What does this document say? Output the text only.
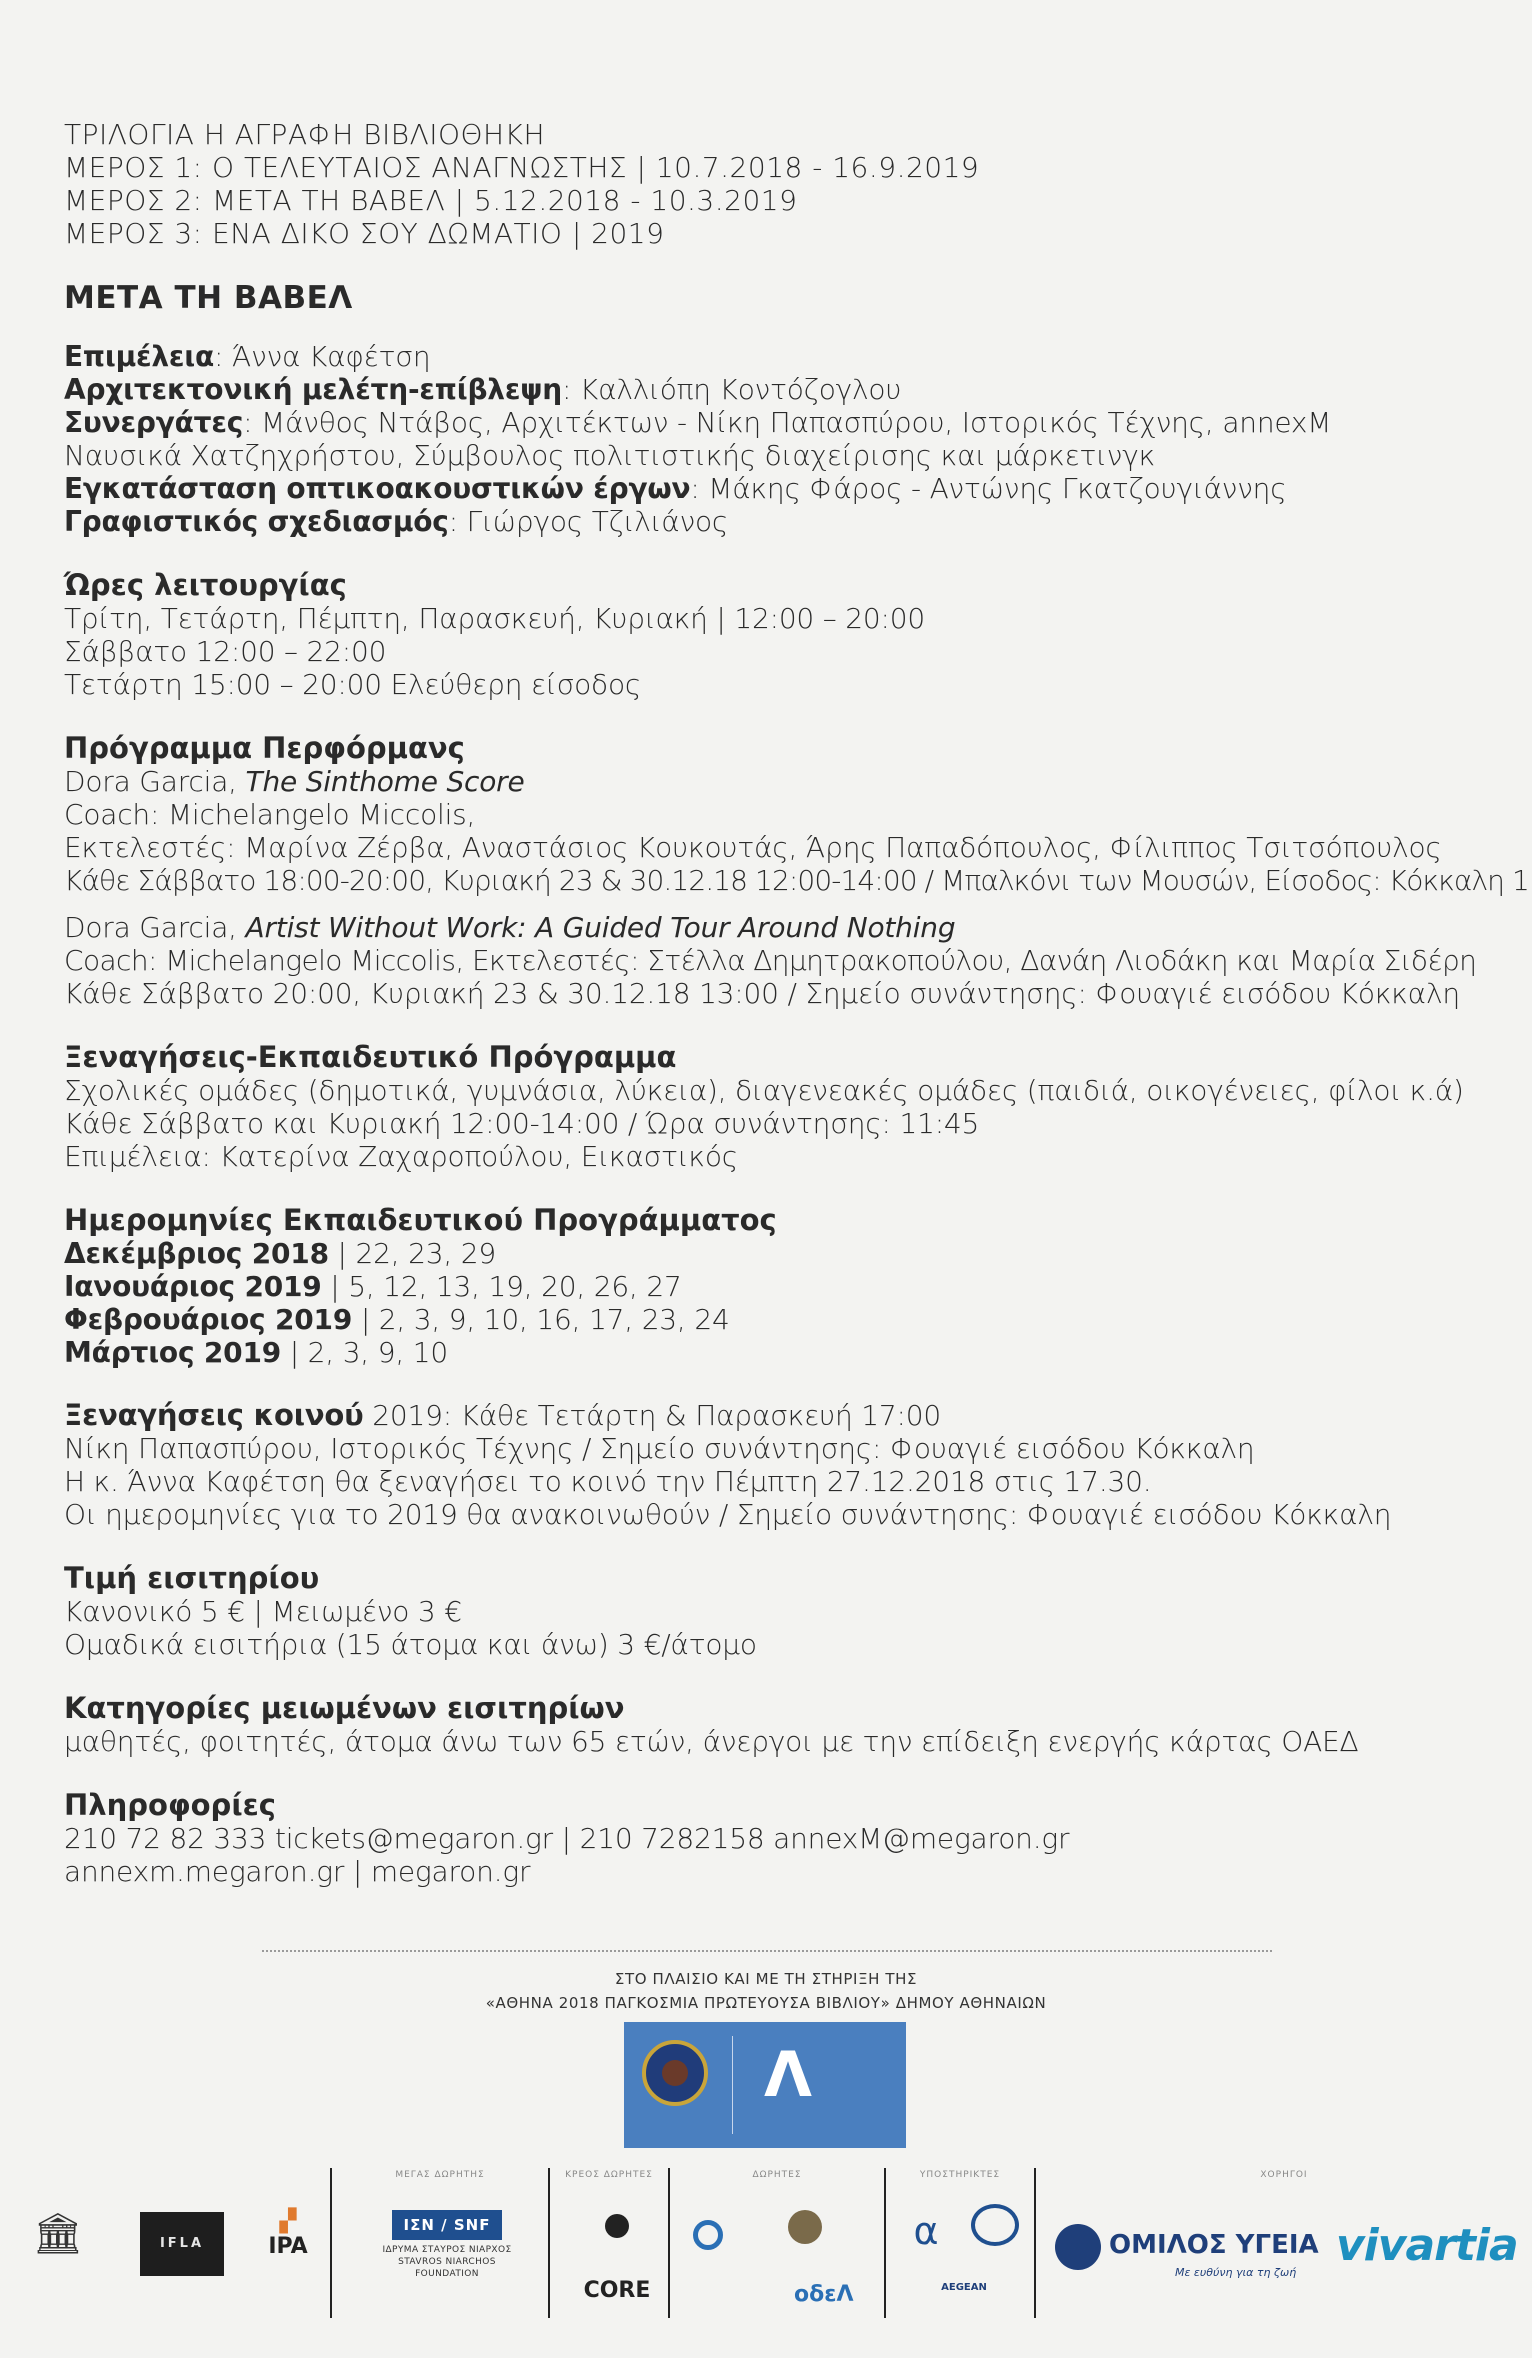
ΤΡΙΛΟΓΙΑ Η ΑΓΡΑΦΗ ΒΙΒΛΙΟΘΗΚΗ
ΜΕΡΟΣ 1: Ο ΤΕΛΕΥΤΑΙΟΣ ΑΝΑΓΝΩΣΤΗΣ | 10.7.2018 - 16.9.2019
ΜΕΡΟΣ 2: ΜΕΤΑ ΤΗ ΒΑΒΕΛ | 5.12.2018 - 10.3.2019
ΜΕΡΟΣ 3: ΕΝΑ ΔΙΚΟ ΣΟΥ ΔΩΜΑΤΙΟ | 2019
ΜΕΤΑ ΤΗ ΒΑΒΕΛ
Επιμέλεια: Άννα Καφέτση
Αρχιτεκτονική μελέτη-επίβλεψη: Καλλιόπη Κοντόζογλου
Συνεργάτες: Μάνθος Ντάβος, Αρχιτέκτων - Νίκη Παπασπύρου, Ιστορικός Τέχνης, annexM
Ναυσικά Χατζηχρήστου, Σύμβουλος πολιτιστικής διαχείρισης και μάρκετινγκ
Εγκατάσταση οπτικοακουστικών έργων: Μάκης Φάρος - Αντώνης Γκατζουγιάννης
Γραφιστικός σχεδιασμός: Γιώργος Τζιλιάνος
Ώρες λειτουργίας
Τρίτη, Τετάρτη, Πέμπτη, Παρασκευή, Κυριακή | 12:00 – 20:00
Σάββατο 12:00 – 22:00
Τετάρτη 15:00 – 20:00 Ελεύθερη είσοδος
Πρόγραμμα Περφόρμανς
Dora Garcia, The Sinthome Score
Coach: Michelangelo Miccolis,
Εκτελεστές: Μαρίνα Ζέρβα, Αναστάσιος Κουκουτάς, Άρης Παπαδόπουλος, Φίλιππος Τσιτσόπουλος
Κάθε Σάββατο 18:00-20:00, Κυριακή 23 & 30.12.18 12:00-14:00 / Μπαλκόνι των Μουσών, Είσοδος: Κόκκαλη 1
Dora Garcia, Artist Without Work: A Guided Tour Around Nothing
Coach: Michelangelo Miccolis, Εκτελεστές: Στέλλα Δημητρακοπούλου, Δανάη Λιοδάκη και Μαρία Σιδέρη
Κάθε Σάββατο 20:00, Κυριακή 23 & 30.12.18 13:00 / Σημείο συνάντησης: Φουαγιέ εισόδου Κόκκαλη
Ξεναγήσεις-Εκπαιδευτικό Πρόγραμμα
Σχολικές ομάδες (δημοτικά, γυμνάσια, λύκεια), διαγενεακές ομάδες (παιδιά, οικογένειες, φίλοι κ.ά)
Κάθε Σάββατο και Κυριακή 12:00-14:00 / Ώρα συνάντησης: 11:45
Επιμέλεια: Κατερίνα Ζαχαροπούλου, Εικαστικός
Ημερομηνίες Εκπαιδευτικού Προγράμματος
Δεκέμβριος 2018 | 22, 23, 29
Ιανουάριος 2019 | 5, 12, 13, 19, 20, 26, 27
Φεβρουάριος 2019 | 2, 3, 9, 10, 16, 17, 23, 24
Μάρτιος 2019 | 2, 3, 9, 10
Ξεναγήσεις κοινού 2019: Κάθε Τετάρτη & Παρασκευή 17:00
Νίκη Παπασπύρου, Ιστορικός Τέχνης / Σημείο συνάντησης: Φουαγιέ εισόδου Κόκκαλη
Η κ. Άννα Καφέτση θα ξεναγήσει το κοινό την Πέμπτη 27.12.2018 στις 17.30.
Οι ημερομηνίες για το 2019 θα ανακοινωθούν / Σημείο συνάντησης: Φουαγιέ εισόδου Κόκκαλη
Τιμή εισιτηρίου
Κανονικό 5 € | Μειωμένο 3 €
Ομαδικά εισιτήρια (15 άτομα και άνω) 3 €/άτομο
Κατηγορίες μειωμένων εισιτηρίων
μαθητές, φοιτητές, άτομα άνω των 65 ετών, άνεργοι με την επίδειξη ενεργής κάρτας ΟΑΕΔ
Πληροφορίες
210 72 82 333 tickets@megaron.gr | 210 7282158 annexM@megaron.gr
annexm.megaron.gr | megaron.gr
ΣΤΟ ΠΛΑΙΣΙΟ ΚΑΙ ΜΕ ΤΗ ΣΤΗΡΙΞΗ ΤΗΣ
«ΑΘΗΝΑ 2018 ΠΑΓΚΟΣΜΙΑ ΠΡΩΤΕΥΟΥΣΑ ΒΙΒΛΙΟΥ» ΔΗΜΟΥ ΑΘΗΝΑΙΩΝ
Λ
ΜΕΓΑΣ ΔΩΡΗΤΗΣ	ΚΡΕΟΣ ΔΩΡΗΤΕΣ	ΔΩΡΗΤΕΣ	ΥΠΟΣΤΗΡΙΚΤΕΣ	ΧΟΡΗΓΟΙ
🏛	IFLA
▞
IPA
ΙΣΝ / SNF
ΙΔΡΥΜΑ ΣΤΑΥΡΟΣ ΝΙΑΡΧΟΣ STAVROS NIARCHOS FOUNDATION
CORE	οδεΛ
α
AEGEAN
ΟΜΙΛΟΣ ΥΓΕΙΑ
Με ευθύνη για τη ζωή
vivartia
